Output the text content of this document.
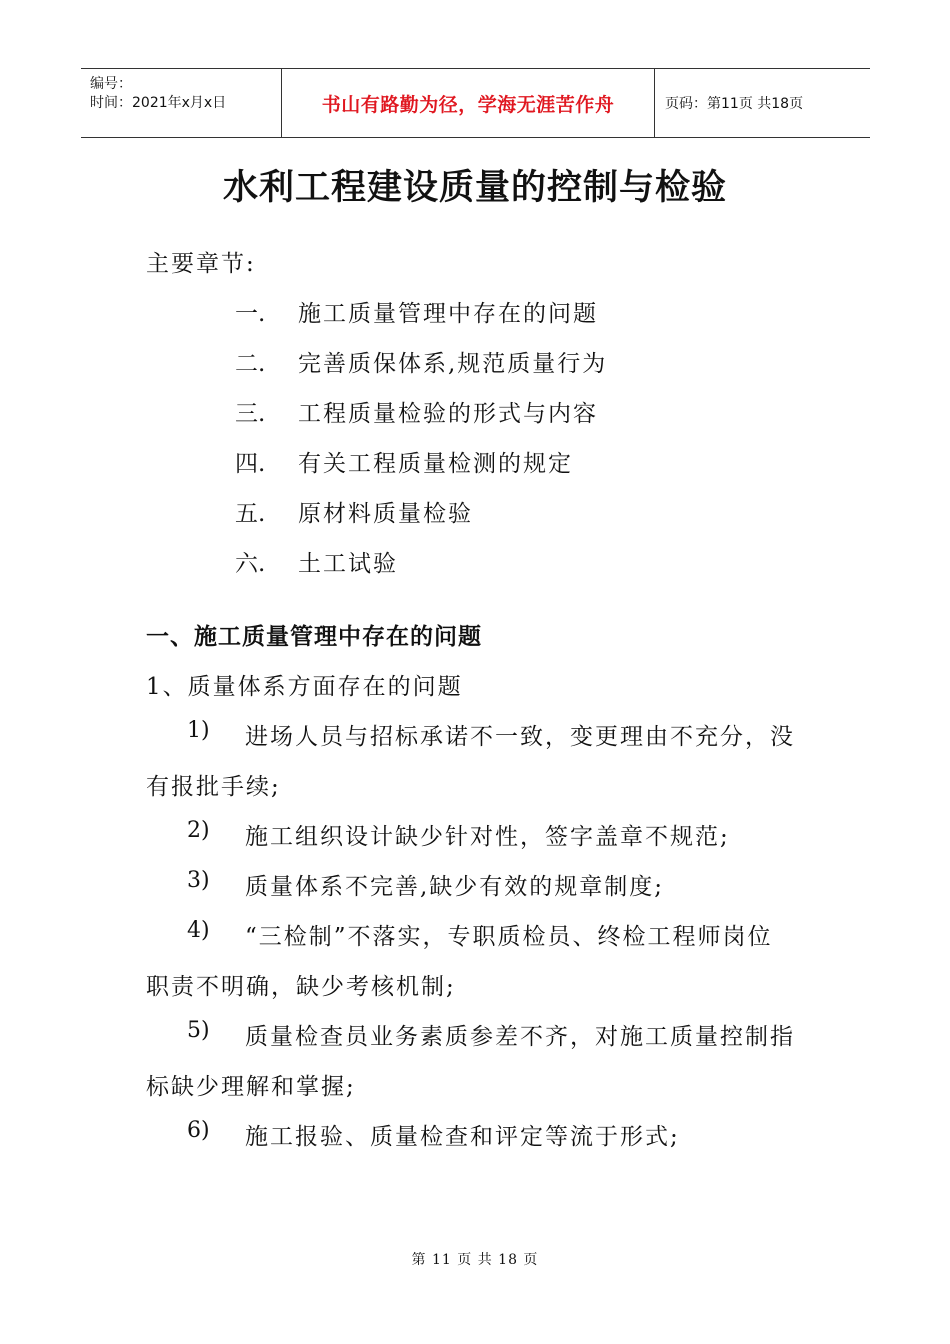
编号：
时间：2021年x月x日	书山有路勤为径，学海无涯苦作舟	页码：第11页 共18页
水利工程建设质量的控制与检验
主要章节:
一. 施工质量管理中存在的问题
二. 完善质保体系,规范质量行为
三. 工程质量检验的形式与内容
四. 有关工程质量检测的规定
五. 原材料质量检验
六. 土工试验
一、施工质量管理中存在的问题
1、质量体系方面存在的问题
1) 进场人员与招标承诺不一致，变更理由不充分，没
有报批手续;
2) 施工组织设计缺少针对性，签字盖章不规范;
3) 质量体系不完善,缺少有效的规章制度;
4) “三检制”不落实，专职质检员、终检工程师岗位
职责不明确，缺少考核机制;
5) 质量检查员业务素质参差不齐，对施工质量控制指
标缺少理解和掌握;
6) 施工报验、质量检查和评定等流于形式;
第 11 页 共 18 页
